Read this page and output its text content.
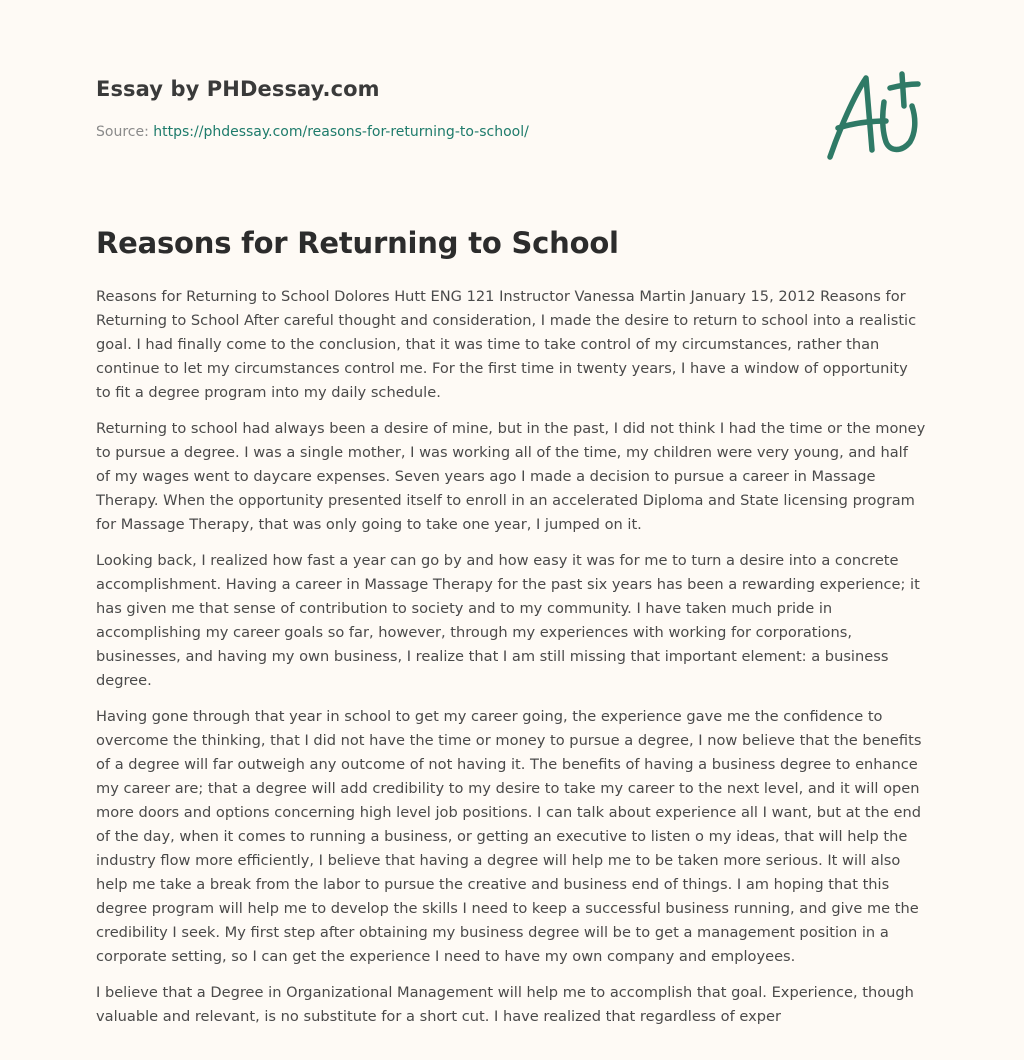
Essay by PHDessay.com
Source: https://phdessay.com/reasons-for-returning-to-school/
Reasons for Returning to School

Reasons for Returning to School Dolores Hutt ENG 121 Instructor Vanessa Martin January 15, 2012 Reasons for Returning to School After careful thought and consideration, I made the desire to return to school into a realistic goal. I had finally come to the conclusion, that it was time to take control of my circumstances, rather than continue to let my circumstances control me. For the first time in twenty years, I have a window of opportunity to fit a degree program into my daily schedule.

Returning to school had always been a desire of mine, but in the past, I did not think I had the time or the money to pursue a degree. I was a single mother, I was working all of the time, my children were very young, and half of my wages went to daycare expenses. Seven years ago I made a decision to pursue a career in Massage Therapy. When the opportunity presented itself to enroll in an accelerated Diploma and State licensing program for Massage Therapy, that was only going to take one year, I jumped on it.

Looking back, I realized how fast a year can go by and how easy it was for me to turn a desire into a concrete accomplishment. Having a career in Massage Therapy for the past six years has been a rewarding experience; it has given me that sense of contribution to society and to my community. I have taken much pride in accomplishing my career goals so far, however, through my experiences with working for corporations, businesses, and having my own business, I realize that I am still missing that important element: a business degree.

Having gone through that year in school to get my career going, the experience gave me the confidence to overcome the thinking, that I did not have the time or money to pursue a degree, I now believe that the benefits of a degree will far outweigh any outcome of not having it. The benefits of having a business degree to enhance my career are; that a degree will add credibility to my desire to take my career to the next level, and it will open more doors and options concerning high level job positions. I can talk about experience all I want, but at the end of the day, when it comes to running a business, or getting an executive to listen o my ideas, that will help the industry flow more efficiently, I believe that having a degree will help me to be taken more serious. It will also help me take a break from the labor to pursue the creative and business end of things. I am hoping that this degree program will help me to develop the skills I need to keep a successful business running, and give me the credibility I seek. My first step after obtaining my business degree will be to get a management position in a corporate setting, so I can get the experience I need to have my own company and employees.

I believe that a Degree in Organizational Management will help me to accomplish that goal. Experience, though valuable and relevant, is no substitute for a short cut. I have realized that regardless of exper
